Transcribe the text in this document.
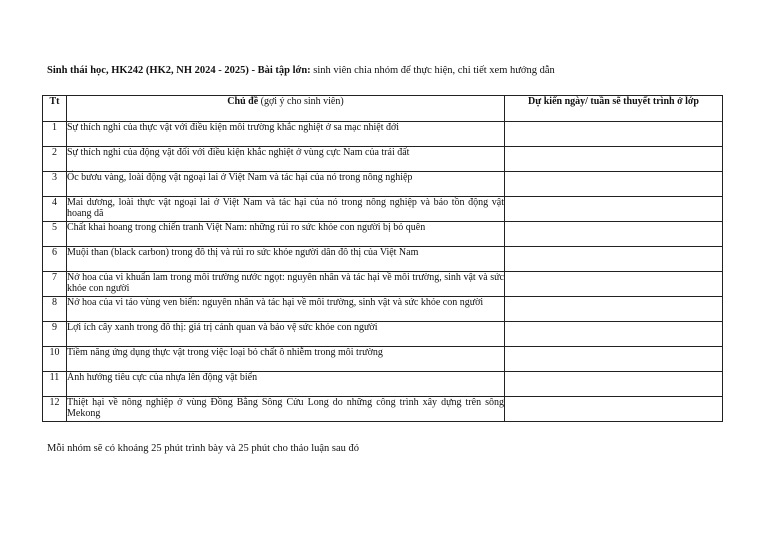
Sinh thái học, HK242 (HK2, NH 2024 - 2025) - Bài tập lớn: sinh viên chia nhóm để thực hiện, chi tiết xem hướng dẫn
Tt	Chủ đề (gợi ý cho sinh viên)	Dự kiến ngày/ tuần sẽ thuyết trình ở lớp
1	Sự thích nghi của thực vật với điều kiện môi trường khắc nghiệt ở sa mạc nhiệt đới	
2	Sự thích nghi của động vật đối với điều kiện khắc nghiệt ở vùng cực Nam của trái đất	
3	Ốc bươu vàng, loài động vật ngoại lai ở Việt Nam và tác hại của nó trong nông nghiệp	
4	Mai dương, loài thực vật ngoại lai ở Việt Nam và tác hại của nó trong nông nghiệp và bảo tồn động vật hoang dã	
5	Chất khai hoang trong chiến tranh Việt Nam: những rủi ro sức khỏe con người bị bỏ quên	
6	Muội than (black carbon) trong đô thị và rủi ro sức khỏe người dân đô thị của Việt Nam	
7	Nở hoa của vi khuẩn lam trong môi trường nước ngọt: nguyên nhân và tác hại về môi trường, sinh vật và sức khỏe con người	
8	Nở hoa của vi tảo vùng ven biển: nguyên nhân và tác hại về môi trường, sinh vật và sức khỏe con người	
9	Lợi ích cây xanh trong đô thị: giá trị cảnh quan và bảo vệ sức khỏe con người	
10	Tiềm năng ứng dụng thực vật trong việc loại bỏ chất ô nhiễm trong môi trường	
11	Ảnh hưởng tiêu cực của nhựa lên động vật biển	
12	Thiệt hại về nông nghiệp ở vùng Đồng Bằng Sông Cửu Long do những công trình xây dựng trên sông Mekong	
Mỗi nhóm sẽ có khoảng 25 phút trình bày và 25 phút cho thảo luận sau đó
